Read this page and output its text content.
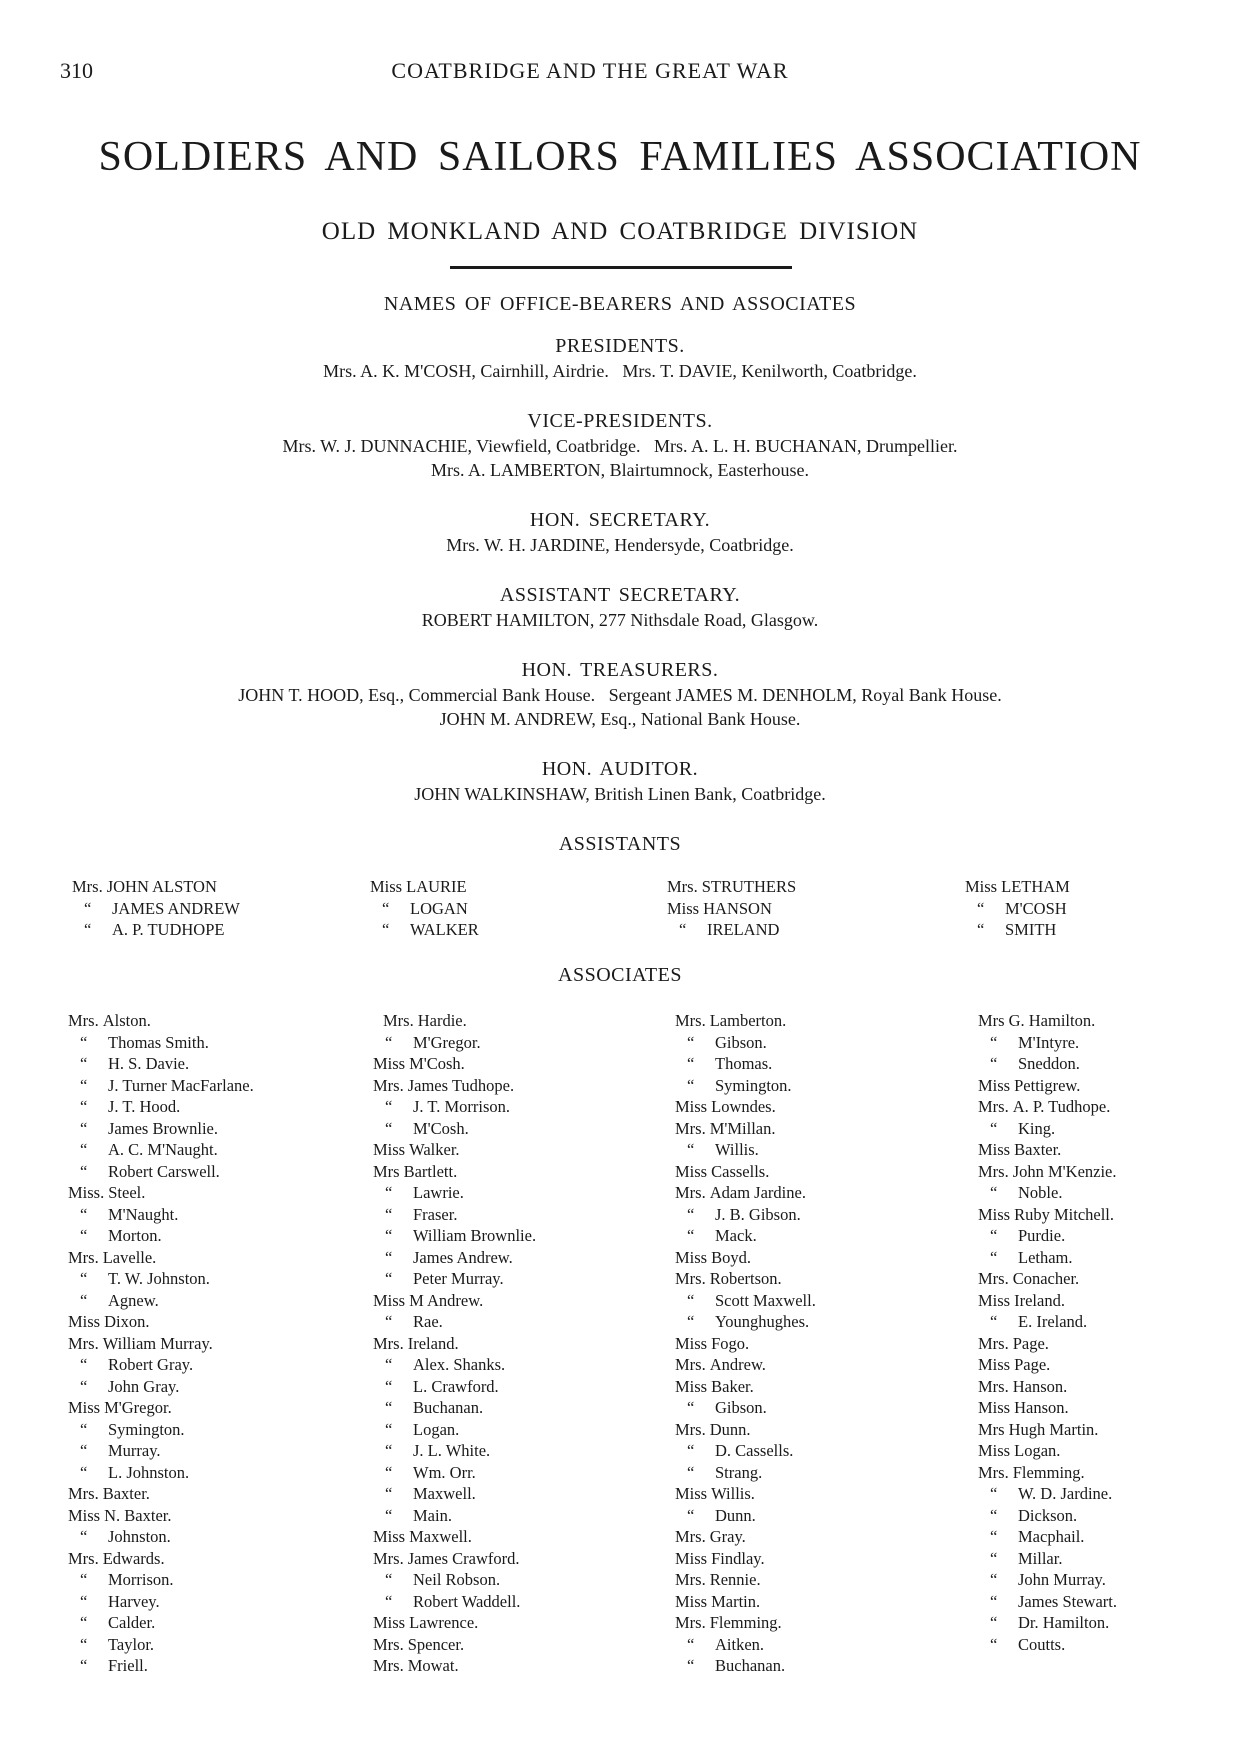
310	COATBRIDGE AND THE GREAT WAR
SOLDIERS AND SAILORS FAMILIES ASSOCIATION
OLD MONKLAND AND COATBRIDGE DIVISION
NAMES OF OFFICE-BEARERS AND ASSOCIATES
PRESIDENTS.
Mrs. A. K. M'COSH, Cairnhill, Airdrie.   Mrs. T. DAVIE, Kenilworth, Coatbridge.
VICE-PRESIDENTS.
Mrs. W. J. DUNNACHIE, Viewfield, Coatbridge.   Mrs. A. L. H. BUCHANAN, Drumpellier.
Mrs. A. LAMBERTON, Blairtumnock, Easterhouse.
HON. SECRETARY.
Mrs. W. H. JARDINE, Hendersyde, Coatbridge.
ASSISTANT SECRETARY.
ROBERT HAMILTON, 277 Nithsdale Road, Glasgow.
HON. TREASURERS.
JOHN T. HOOD, Esq., Commercial Bank House.   Sergeant JAMES M. DENHOLM, Royal Bank House.
JOHN M. ANDREW, Esq., National Bank House.
HON. AUDITOR.
JOHN WALKINSHAW, British Linen Bank, Coatbridge.
ASSISTANTS
Mrs. JOHN ALSTON
“ JAMES ANDREW
“ A. P. TUDHOPE
Miss LAURIE
“ LOGAN
“ WALKER
Mrs. STRUTHERS
Miss HANSON
“ IRELAND
Miss LETHAM
“ M'COSH
“ SMITH
ASSOCIATES
Mrs. Alston.
“ Thomas Smith.
“ H. S. Davie.
“ J. Turner MacFarlane.
“ J. T. Hood.
“ James Brownlie.
“ A. C. M'Naught.
“ Robert Carswell.
Miss. Steel.
“ M'Naught.
“ Morton.
Mrs. Lavelle.
“ T. W. Johnston.
“ Agnew.
Miss Dixon.
Mrs. William Murray.
“ Robert Gray.
“ John Gray.
Miss M'Gregor.
“ Symington.
“ Murray.
“ L. Johnston.
Mrs. Baxter.
Miss N. Baxter.
“ Johnston.
Mrs. Edwards.
“ Morrison.
“ Harvey.
“ Calder.
“ Taylor.
“ Friell.
Mrs. Hardie.
“ M'Gregor.
Miss M'Cosh.
Mrs. James Tudhope.
“ J. T. Morrison.
“ M'Cosh.
Miss Walker.
Mrs Bartlett.
“ Lawrie.
“ Fraser.
“ William Brownlie.
“ James Andrew.
“ Peter Murray.
Miss M Andrew.
“ Rae.
Mrs. Ireland.
“ Alex. Shanks.
“ L. Crawford.
“ Buchanan.
“ Logan.
“ J. L. White.
“ Wm. Orr.
“ Maxwell.
“ Main.
Miss Maxwell.
Mrs. James Crawford.
“ Neil Robson.
“ Robert Waddell.
Miss Lawrence.
Mrs. Spencer.
Mrs. Mowat.
Mrs. Lamberton.
“ Gibson.
“ Thomas.
“ Symington.
Miss Lowndes.
Mrs. M'Millan.
“ Willis.
Miss Cassells.
Mrs. Adam Jardine.
“ J. B. Gibson.
“ Mack.
Miss Boyd.
Mrs. Robertson.
“ Scott Maxwell.
“ Younghughes.
Miss Fogo.
Mrs. Andrew.
Miss Baker.
“ Gibson.
Mrs. Dunn.
“ D. Cassells.
“ Strang.
Miss Willis.
“ Dunn.
Mrs. Gray.
Miss Findlay.
Mrs. Rennie.
Miss Martin.
Mrs. Flemming.
“ Aitken.
“ Buchanan.
Mrs G. Hamilton.
“ M'Intyre.
“ Sneddon.
Miss Pettigrew.
Mrs. A. P. Tudhope.
“ King.
Miss Baxter.
Mrs. John M'Kenzie.
“ Noble.
Miss Ruby Mitchell.
“ Purdie.
“ Letham.
Mrs. Conacher.
Miss Ireland.
“ E. Ireland.
Mrs. Page.
Miss Page.
Mrs. Hanson.
Miss Hanson.
Mrs Hugh Martin.
Miss Logan.
Mrs. Flemming.
“ W. D. Jardine.
“ Dickson.
“ Macphail.
“ Millar.
“ John Murray.
“ James Stewart.
“ Dr. Hamilton.
“ Coutts.
